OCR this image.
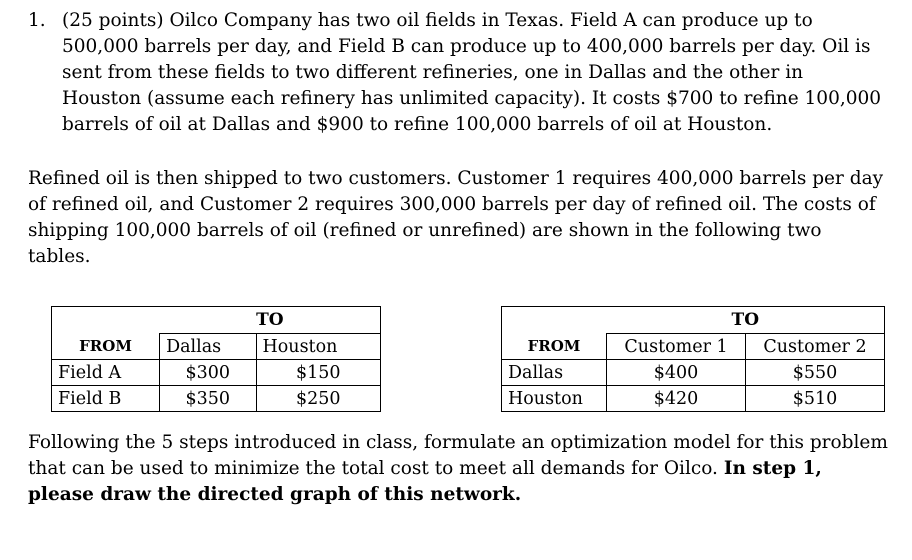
1. (25 points) Oilco Company has two oil fields in Texas. Field A can produce up to 500,000 barrels per day, and Field B can produce up to 400,000 barrels per day. Oil is sent from these fields to two different refineries, one in Dallas and the other in Houston (assume each refinery has unlimited capacity). It costs $700 to refine 100,000 barrels of oil at Dallas and $900 to refine 100,000 barrels of oil at Houston.
Refined oil is then shipped to two customers. Customer 1 requires 400,000 barrels per day of refined oil, and Customer 2 requires 300,000 barrels per day of refined oil. The costs of shipping 100,000 barrels of oil (refined or unrefined) are shown in the following two tables.
	TO	
FROM	Dallas	Houston
Field A	$300	$150
Field B	$350	$250
	TO	
FROM	Customer 1	Customer 2
Dallas	$400	$550
Houston	$420	$510
Following the 5 steps introduced in class, formulate an optimization model for this problem that can be used to minimize the total cost to meet all demands for Oilco. In step 1, please draw the directed graph of this network.
